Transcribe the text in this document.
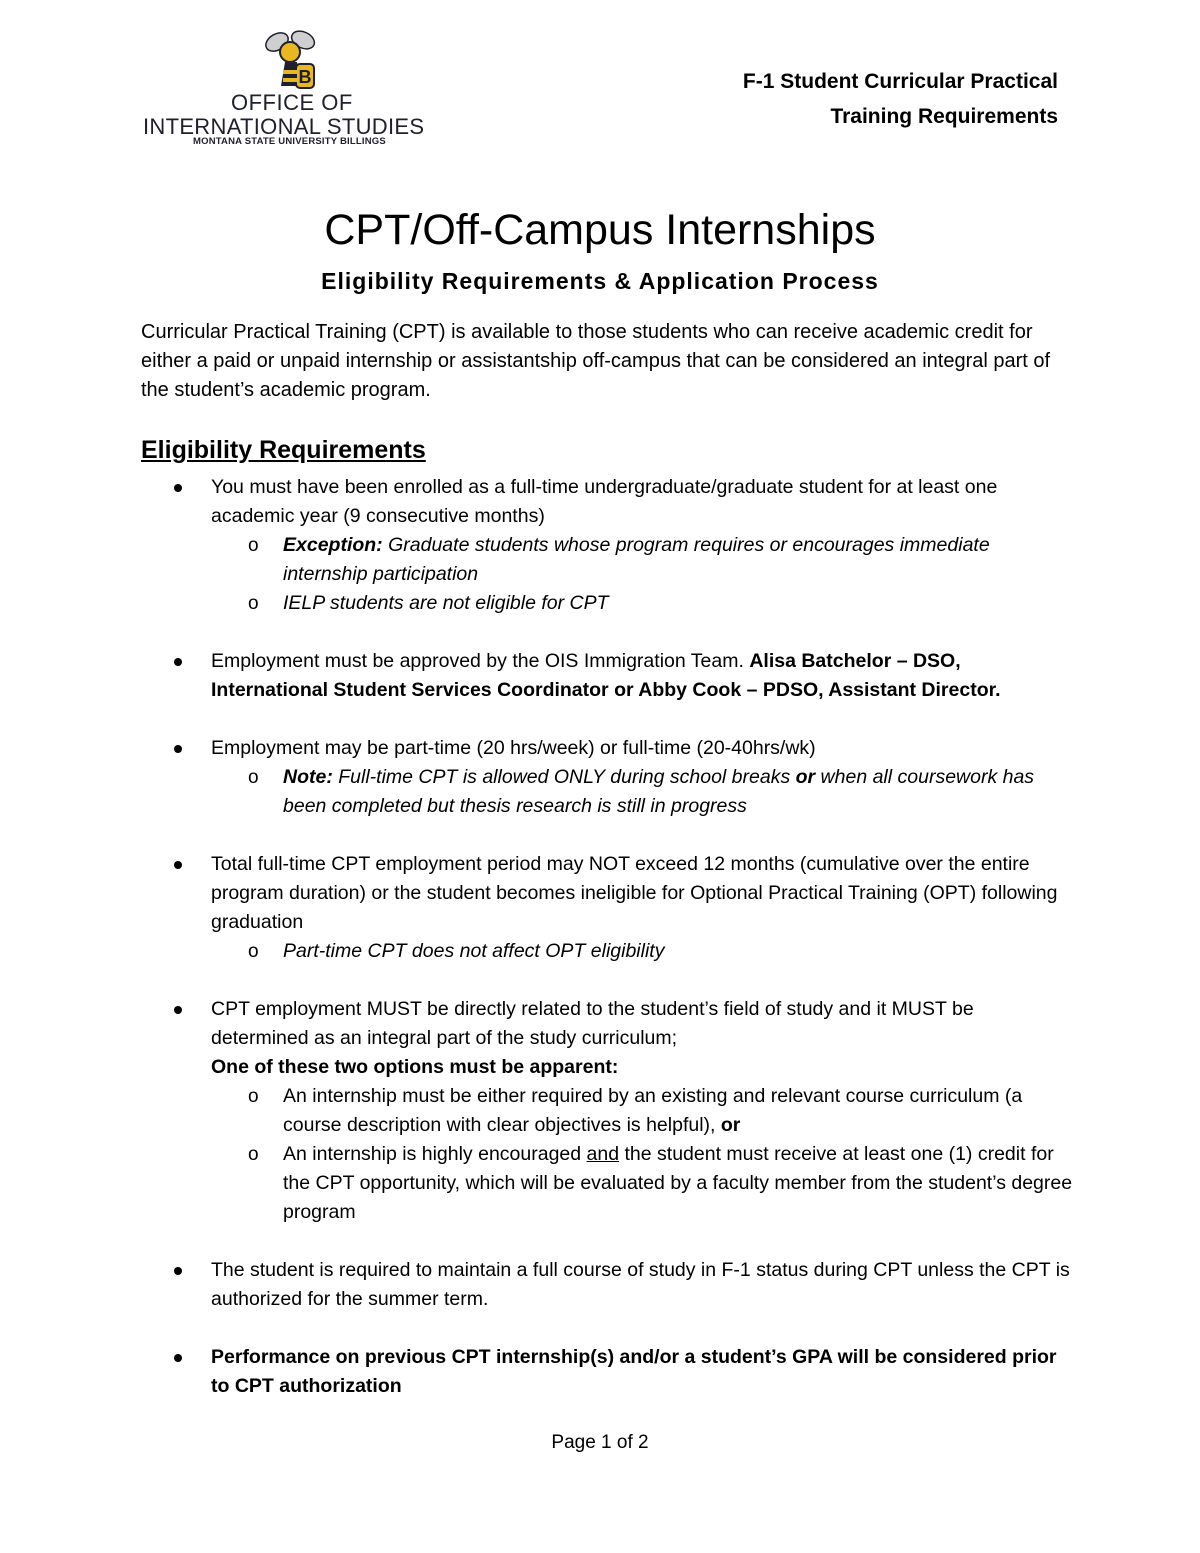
B
OFFICE OF
INTERNATIONAL STUDIES
MONTANA STATE UNIVERSITY BILLINGS
F-1 Student Curricular Practical
Training Requirements
CPT/Off-Campus Internships
Eligibility Requirements & Application Process
Curricular Practical Training (CPT) is available to those students who can receive academic credit for either a paid or unpaid internship or assistantship off-campus that can be considered an integral part of the student’s academic program.
Eligibility Requirements
You must have been enrolled as a full-time undergraduate/graduate student for at least one academic year (9 consecutive months)
o Exception: Graduate students whose program requires or encourages immediate internship participation
o IELP students are not eligible for CPT
Employment must be approved by the OIS Immigration Team. Alisa Batchelor – DSO, International Student Services Coordinator or Abby Cook – PDSO, Assistant Director.
Employment may be part-time (20 hrs/week) or full-time (20-40hrs/wk)
o Note: Full-time CPT is allowed ONLY during school breaks or when all coursework has been completed but thesis research is still in progress
Total full-time CPT employment period may NOT exceed 12 months (cumulative over the entire program duration) or the student becomes ineligible for Optional Practical Training (OPT) following graduation
o Part-time CPT does not affect OPT eligibility
CPT employment MUST be directly related to the student’s field of study and it MUST be determined as an integral part of the study curriculum;
One of these two options must be apparent:
o An internship must be either required by an existing and relevant course curriculum (a course description with clear objectives is helpful), or
o An internship is highly encouraged and the student must receive at least one (1) credit for the CPT opportunity, which will be evaluated by a faculty member from the student’s degree program
The student is required to maintain a full course of study in F-1 status during CPT unless the CPT is authorized for the summer term.
Performance on previous CPT internship(s) and/or a student’s GPA will be considered prior to CPT authorization
Page 1 of 2
